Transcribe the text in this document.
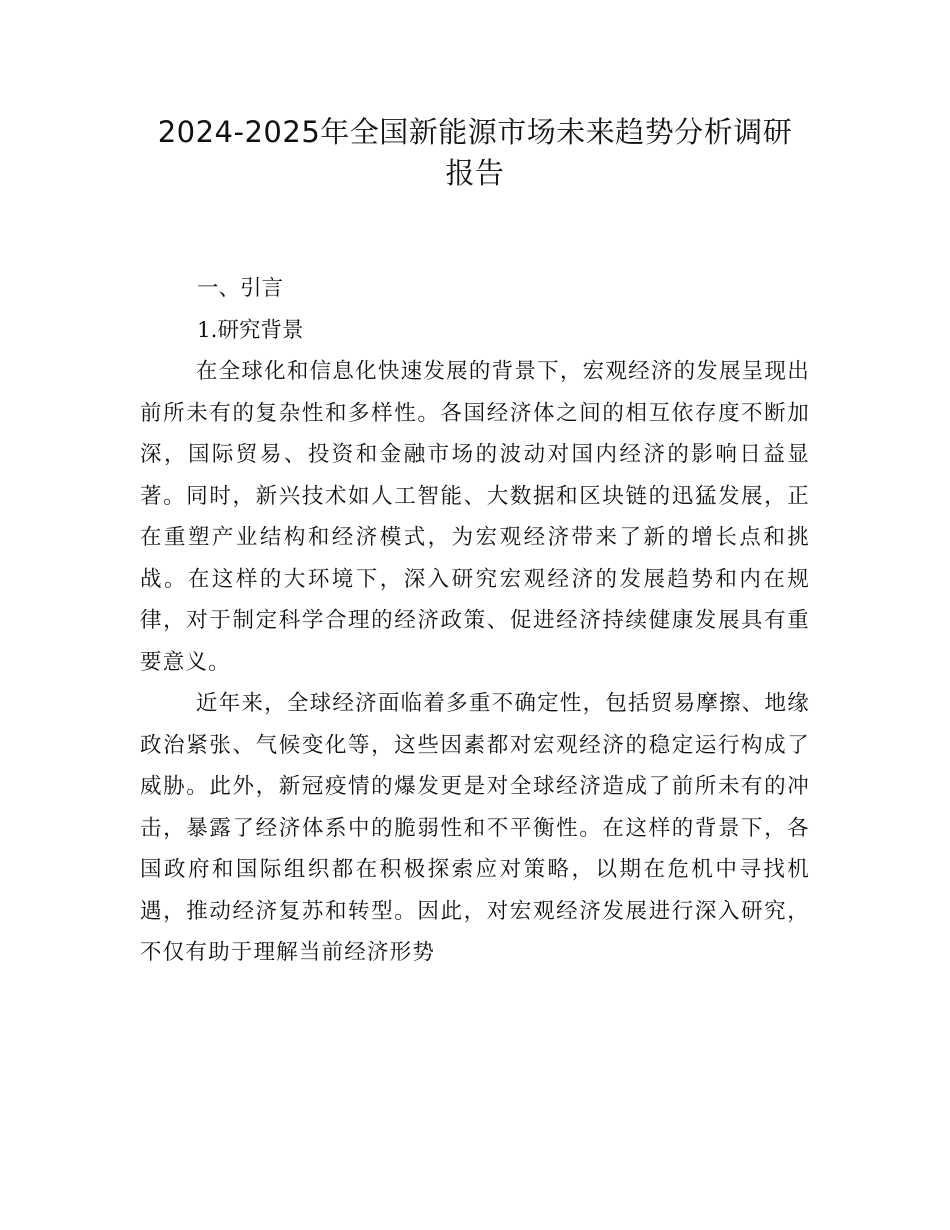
2024-2025年全国新能源市场未来趋势分析调研
报告
一、引言
1.研究背景

在全球化和信息化快速发展的背景下，宏观经济的发展呈现出前所未有的复杂性和多样性。各国经济体之间的相互依存度不断加深，国际贸易、投资和金融市场的波动对国内经济的影响日益显著。同时，新兴技术如人工智能、大数据和区块链的迅猛发展，正在重塑产业结构和经济模式，为宏观经济带来了新的增长点和挑战。在这样的大环境下，深入研究宏观经济的发展趋势和内在规律，对于制定科学合理的经济政策、促进经济持续健康发展具有重要意义。

近年来，全球经济面临着多重不确定性，包括贸易摩擦、地缘政治紧张、气候变化等，这些因素都对宏观经济的稳定运行构成了威胁。此外，新冠疫情的爆发更是对全球经济造成了前所未有的冲击，暴露了经济体系中的脆弱性和不平衡性。在这样的背景下，各国政府和国际组织都在积极探索应对策略，以期在危机中寻找机遇，推动经济复苏和转型。因此，对宏观经济发展进行深入研究，不仅有助于理解当前经济形势
